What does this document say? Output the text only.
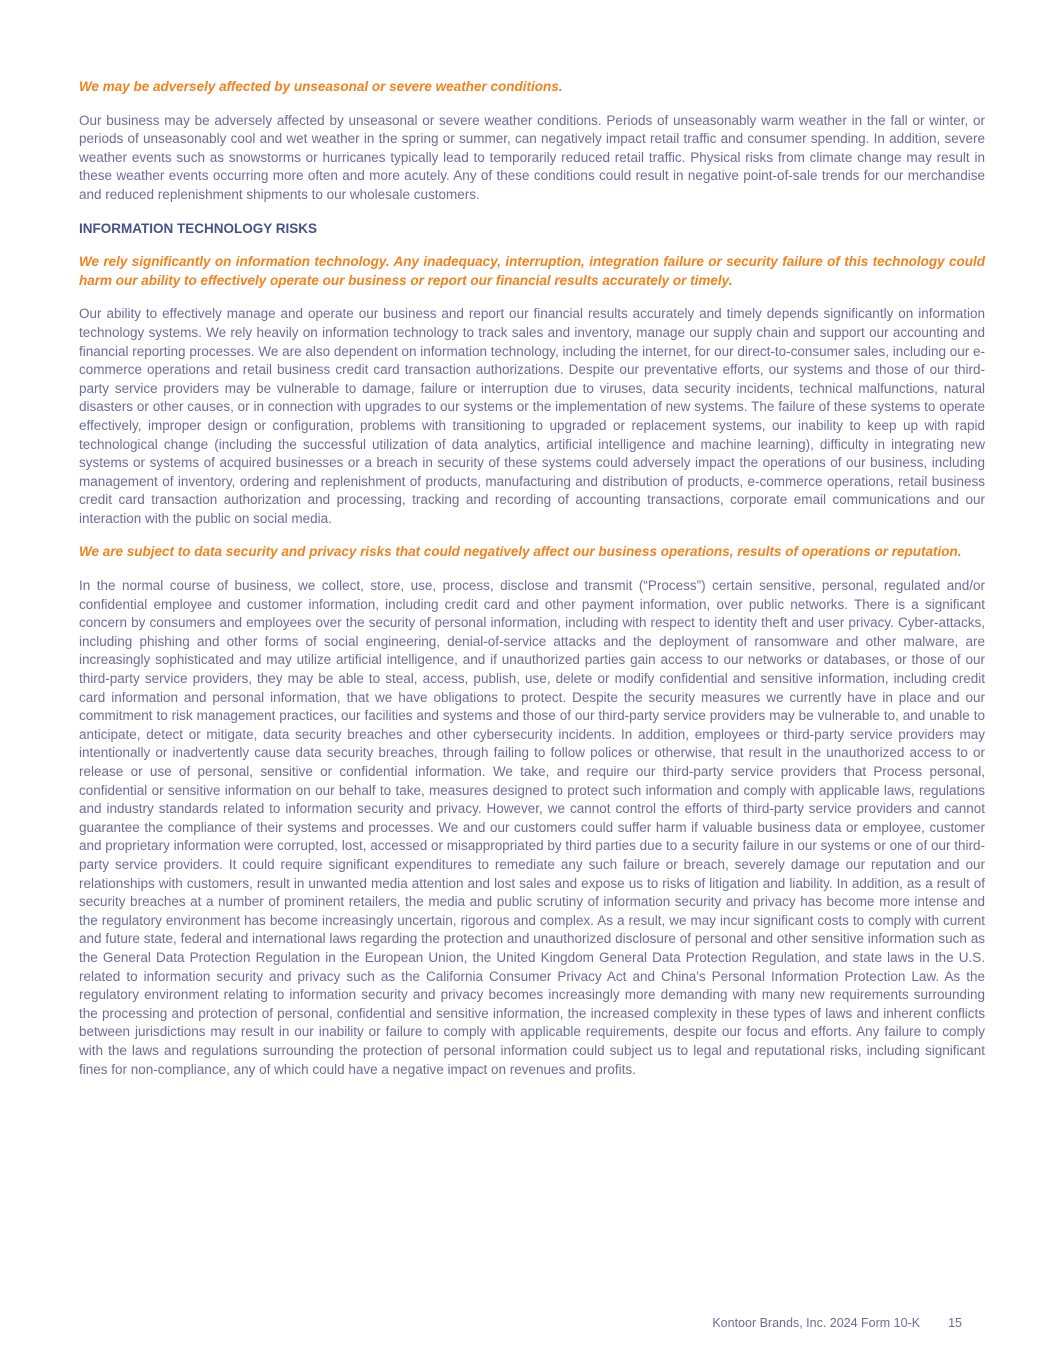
We may be adversely affected by unseasonal or severe weather conditions.

Our business may be adversely affected by unseasonal or severe weather conditions. Periods of unseasonably warm weather in the fall or winter, or periods of unseasonably cool and wet weather in the spring or summer, can negatively impact retail traffic and consumer spending. In addition, severe weather events such as snowstorms or hurricanes typically lead to temporarily reduced retail traffic. Physical risks from climate change may result in these weather events occurring more often and more acutely. Any of these conditions could result in negative point-of-sale trends for our merchandise and reduced replenishment shipments to our wholesale customers.

INFORMATION TECHNOLOGY RISKS

We rely significantly on information technology. Any inadequacy, interruption, integration failure or security failure of this technology could harm our ability to effectively operate our business or report our financial results accurately or timely.

Our ability to effectively manage and operate our business and report our financial results accurately and timely depends significantly on information technology systems. We rely heavily on information technology to track sales and inventory, manage our supply chain and support our accounting and financial reporting processes. We are also dependent on information technology, including the internet, for our direct-to-consumer sales, including our e-commerce operations and retail business credit card transaction authorizations. Despite our preventative efforts, our systems and those of our third-party service providers may be vulnerable to damage, failure or interruption due to viruses, data security incidents, technical malfunctions, natural disasters or other causes, or in connection with upgrades to our systems or the implementation of new systems. The failure of these systems to operate effectively, improper design or configuration, problems with transitioning to upgraded or replacement systems, our inability to keep up with rapid technological change (including the successful utilization of data analytics, artificial intelligence and machine learning), difficulty in integrating new systems or systems of acquired businesses or a breach in security of these systems could adversely impact the operations of our business, including management of inventory, ordering and replenishment of products, manufacturing and distribution of products, e-commerce operations, retail business credit card transaction authorization and processing, tracking and recording of accounting transactions, corporate email communications and our interaction with the public on social media.

We are subject to data security and privacy risks that could negatively affect our business operations, results of operations or reputation.

In the normal course of business, we collect, store, use, process, disclose and transmit (“Process”) certain sensitive, personal, regulated and/or confidential employee and customer information, including credit card and other payment information, over public networks. There is a significant concern by consumers and employees over the security of personal information, including with respect to identity theft and user privacy. Cyber-attacks, including phishing and other forms of social engineering, denial-of-service attacks and the deployment of ransomware and other malware, are increasingly sophisticated and may utilize artificial intelligence, and if unauthorized parties gain access to our networks or databases, or those of our third-party service providers, they may be able to steal, access, publish, use, delete or modify confidential and sensitive information, including credit card information and personal information, that we have obligations to protect. Despite the security measures we currently have in place and our commitment to risk management practices, our facilities and systems and those of our third-party service providers may be vulnerable to, and unable to anticipate, detect or mitigate, data security breaches and other cybersecurity incidents. In addition, employees or third-party service providers may intentionally or inadvertently cause data security breaches, through failing to follow polices or otherwise, that result in the unauthorized access to or release or use of personal, sensitive or confidential information. We take, and require our third-party service providers that Process personal, confidential or sensitive information on our behalf to take, measures designed to protect such information and comply with applicable laws, regulations and industry standards related to information security and privacy. However, we cannot control the efforts of third-party service providers and cannot guarantee the compliance of their systems and processes. We and our customers could suffer harm if valuable business data or employee, customer and proprietary information were corrupted, lost, accessed or misappropriated by third parties due to a security failure in our systems or one of our third-party service providers. It could require significant expenditures to remediate any such failure or breach, severely damage our reputation and our relationships with customers, result in unwanted media attention and lost sales and expose us to risks of litigation and liability. In addition, as a result of security breaches at a number of prominent retailers, the media and public scrutiny of information security and privacy has become more intense and the regulatory environment has become increasingly uncertain, rigorous and complex. As a result, we may incur significant costs to comply with current and future state, federal and international laws regarding the protection and unauthorized disclosure of personal and other sensitive information such as the General Data Protection Regulation in the European Union, the United Kingdom General Data Protection Regulation, and state laws in the U.S. related to information security and privacy such as the California Consumer Privacy Act and China's Personal Information Protection Law. As the regulatory environment relating to information security and privacy becomes increasingly more demanding with many new requirements surrounding the processing and protection of personal, confidential and sensitive information, the increased complexity in these types of laws and inherent conflicts between jurisdictions may result in our inability or failure to comply with applicable requirements, despite our focus and efforts. Any failure to comply with the laws and regulations surrounding the protection of personal information could subject us to legal and reputational risks, including significant fines for non-compliance, any of which could have a negative impact on revenues and profits.

Kontoor Brands, Inc. 2024 Form 10-K 15
